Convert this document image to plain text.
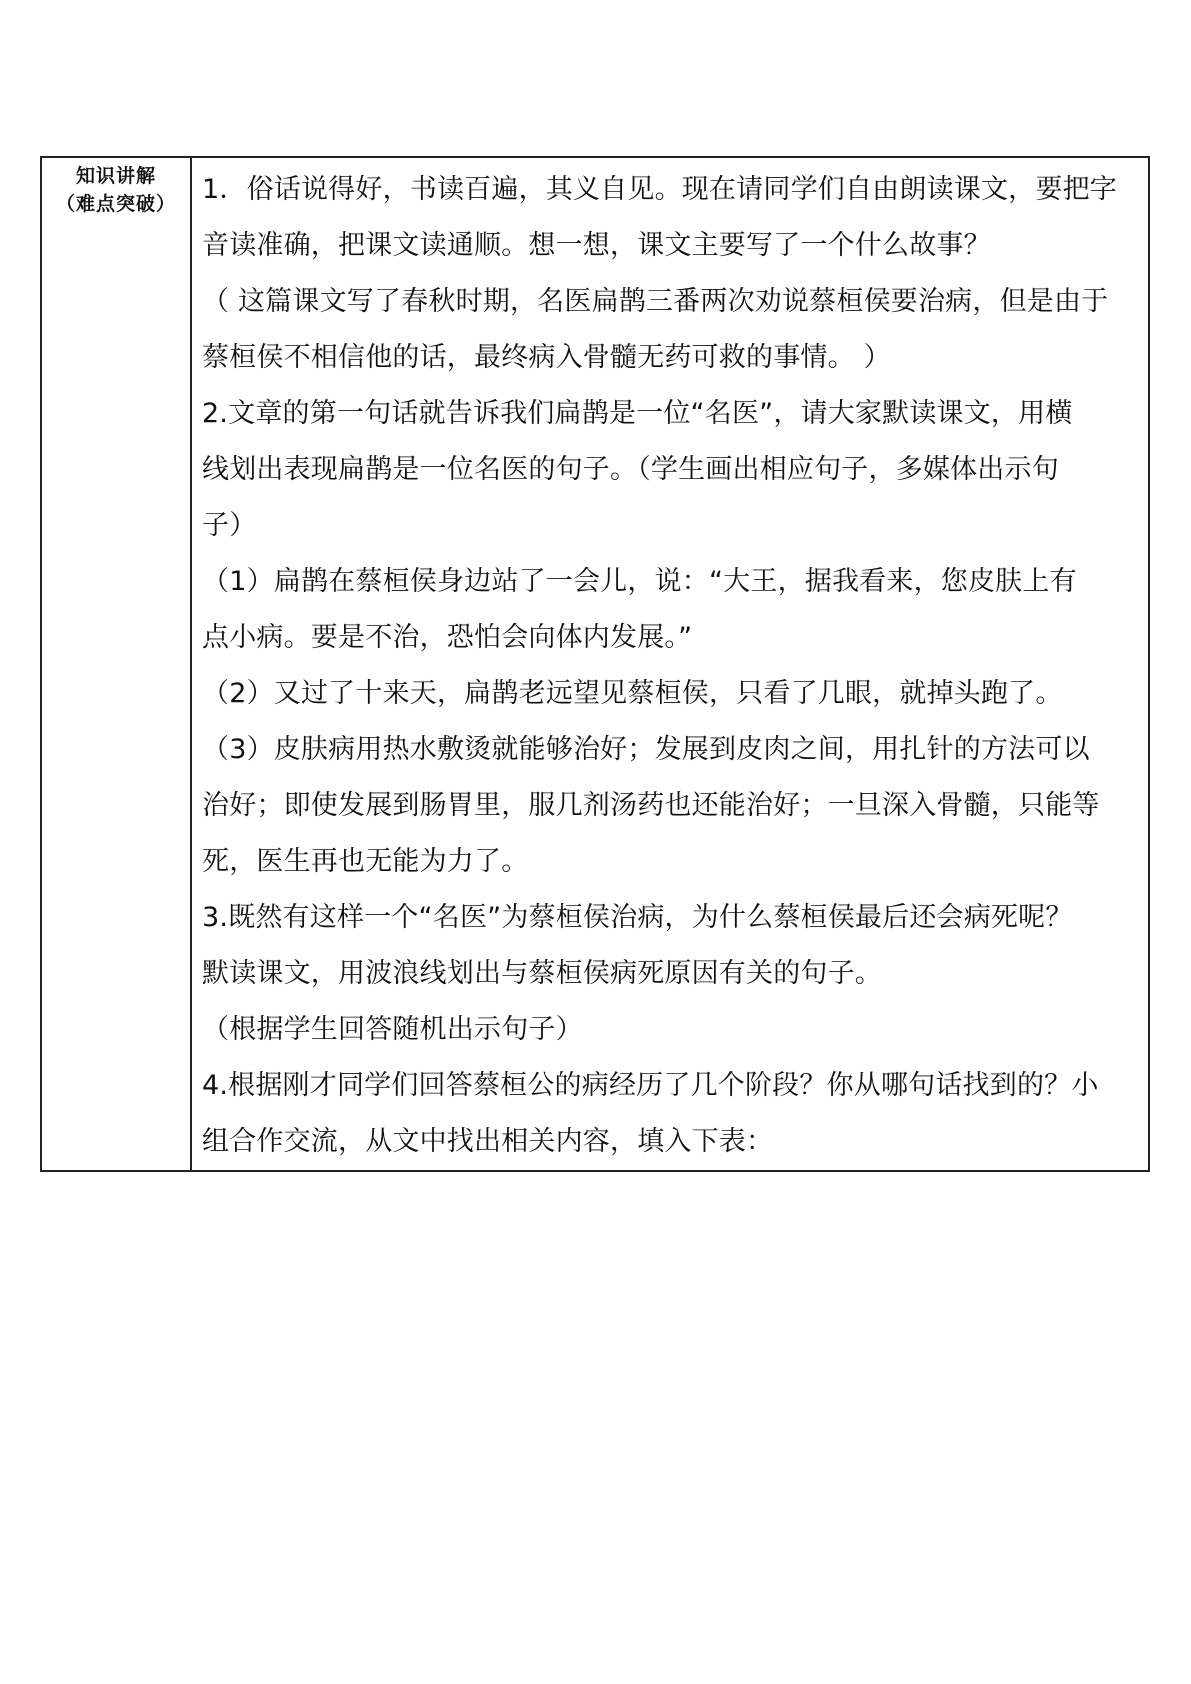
知识讲解
（难点突破）	1．俗话说得好，书读百遍，其义自见。现在请同学们自由朗读课文，要把字
音读准确，把课文读通顺。想一想，课文主要写了一个什么故事？
（ 这篇课文写了春秋时期，名医扁鹊三番两次劝说蔡桓侯要治病，但是由于
蔡桓侯不相信他的话，最终病入骨髓无药可救的事情。 ）
2.文章的第一句话就告诉我们扁鹊是一位“名医”，请大家默读课文，用横
线划出表现扁鹊是一位名医的句子。（学生画出相应句子，多媒体出示句
子）
（1）扁鹊在蔡桓侯身边站了一会儿，说：“大王，据我看来，您皮肤上有
点小病。要是不治，恐怕会向体内发展。”
（2）又过了十来天，扁鹊老远望见蔡桓侯，只看了几眼，就掉头跑了。
（3）皮肤病用热水敷烫就能够治好；发展到皮肉之间，用扎针的方法可以
治好；即使发展到肠胃里，服几剂汤药也还能治好；一旦深入骨髓，只能等
死，医生再也无能为力了。
3.既然有这样一个“名医”为蔡桓侯治病，为什么蔡桓侯最后还会病死呢？
默读课文，用波浪线划出与蔡桓侯病死原因有关的句子。
（根据学生回答随机出示句子）
4.根据刚才同学们回答蔡桓公的病经历了几个阶段？你从哪句话找到的？小
组合作交流，从文中找出相关内容，填入下表：
